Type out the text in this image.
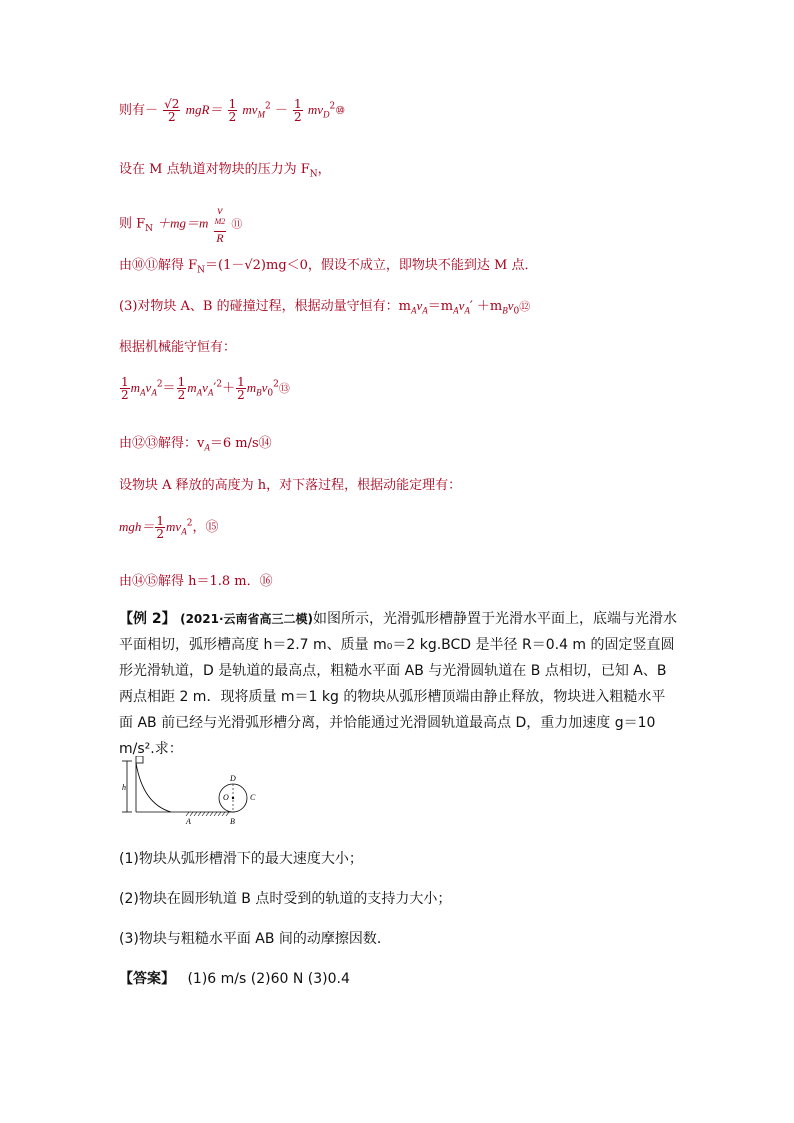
则有－ $\frac{√2}{2} mgR= \frac{1}{2} mv_M^2 - \frac{1}{2}$ $mv_D^2⑩$
设在 M 点轨道对物块的压力为 $F_N$，
则 $F_N +mg=m$ v
$^{M2}$
R ⑪
由⑩⑪解得 $F_N=(1-√2)mg<0$，假设不成立，即物块不能到达 M 点．
(3)对物块 A、B 的碰撞过程，根据动量守恒有：$m_Av_A=m_Av_A'$ $+m_Bv_0⑫$
根据机械能守恒有：
$\frac{1}{2} m_Av_A^2= \frac{1}{2} m_Av_A'^2+ \frac{1}{2}$ $m_Bv_0^2⑬$
由⑫⑬解得：$v_A=6$ m/s⑭
设物块 A 释放的高度为 h，对下落过程，根据动能定理有：
$mgh= \frac{1}{2} mv_A^2$，⑮
由⑭⑮解得 h＝1.8 m．⑯
【例 2】 (2021·云南省高三二模)如图所示，光滑弧形槽静置于光滑水平面上，底端与光滑水平面相切，弧形槽高度 h＝2.7 m、质量 m₀＝2 kg.BCD 是半径 R＝0.4 m 的固定竖直圆形光滑轨道，D 是轨道的最高点，粗糙水平面 AB 与光滑圆轨道在 B 点相切，已知 A、B 两点相距 2 m．现将质量 m＝1 kg 的物块从弧形槽顶端由静止释放，物块进入粗糙水平面 AB 前已经与光滑弧形槽分离，并恰能通过光滑圆轨道最高点 D，重力加速度 g＝10 m/s².求：
h
A	B
C
D
O
(1)物块从弧形槽滑下的最大速度大小；
(2)物块在圆形轨道 B 点时受到的轨道的支持力大小；
(3)物块与粗糙水平面 AB 间的动摩擦因数．
【答案】 (1)6 m/s (2)60 N (3)0.4
